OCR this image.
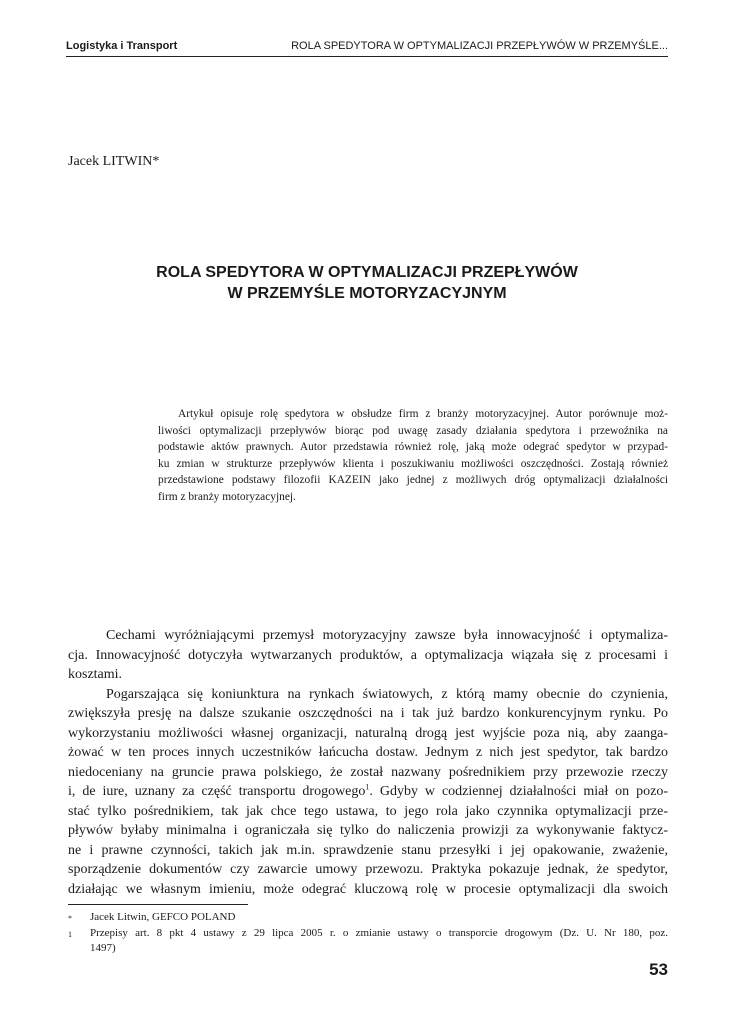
Logistyka i Transport	ROLA SPEDYTORA W OPTYMALIZACJI PRZEPŁYWÓW W PRZEMYŚLE...
Jacek LITWIN*
ROLA SPEDYTORA W OPTYMALIZACJI PRZEPŁYWÓW
W PRZEMYŚLE MOTORYZACYJNYM
Artykuł opisuje rolę spedytora w obsłudze firm z branży motoryzacyjnej. Autor porównuje moż-
liwości optymalizacji przepływów biorąc pod uwagę zasady działania spedytora i przewoźnika na
podstawie aktów prawnych. Autor przedstawia również rolę, jaką może odegrać spedytor w przypad-
ku zmian w strukturze przepływów klienta i poszukiwaniu możliwości oszczędności. Zostają również
przedstawione podstawy filozofii KAZEIN jako jednej z możliwych dróg optymalizacji działalności
firm z branży motoryzacyjnej.
Cechami wyróżniającymi przemysł motoryzacyjny zawsze była innowacyjność i optymaliza-
cja. Innowacyjność dotyczyła wytwarzanych produktów, a optymalizacja wiązała się z procesami i
kosztami.
Pogarszająca się koniunktura na rynkach światowych, z którą mamy obecnie do czynienia,
zwiększyła presję na dalsze szukanie oszczędności na i tak już bardzo konkurencyjnym rynku. Po
wykorzystaniu możliwości własnej organizacji, naturalną drogą jest wyjście poza nią, aby zaanga-
żować w ten proces innych uczestników łańcucha dostaw. Jednym z nich jest spedytor, tak bardzo
niedoceniany na gruncie prawa polskiego, że został nazwany pośrednikiem przy przewozie rzeczy
i, de iure, uznany za część transportu drogowego$^1$. Gdyby w codziennej działalności miał on pozo-
stać tylko pośrednikiem, tak jak chce tego ustawa, to jego rola jako czynnika optymalizacji prze-
pływów byłaby minimalna i ograniczała się tylko do naliczenia prowizji za wykonywanie faktycz-
ne i prawne czynności, takich jak m.in. sprawdzenie stanu przesyłki i jej opakowanie, zważenie,
sporządzenie dokumentów czy zawarcie umowy przewozu. Praktyka pokazuje jednak, że spedytor,
działając we własnym imieniu, może odegrać kluczową rolę w procesie optymalizacji dla swoich
*	Jacek Litwin, GEFCO POLAND
1	Przepisy art. 8 pkt 4 ustawy z 29 lipca 2005 r. o zmianie ustawy o transporcie drogowym (Dz. U. Nr 180, poz.
1497)
53
